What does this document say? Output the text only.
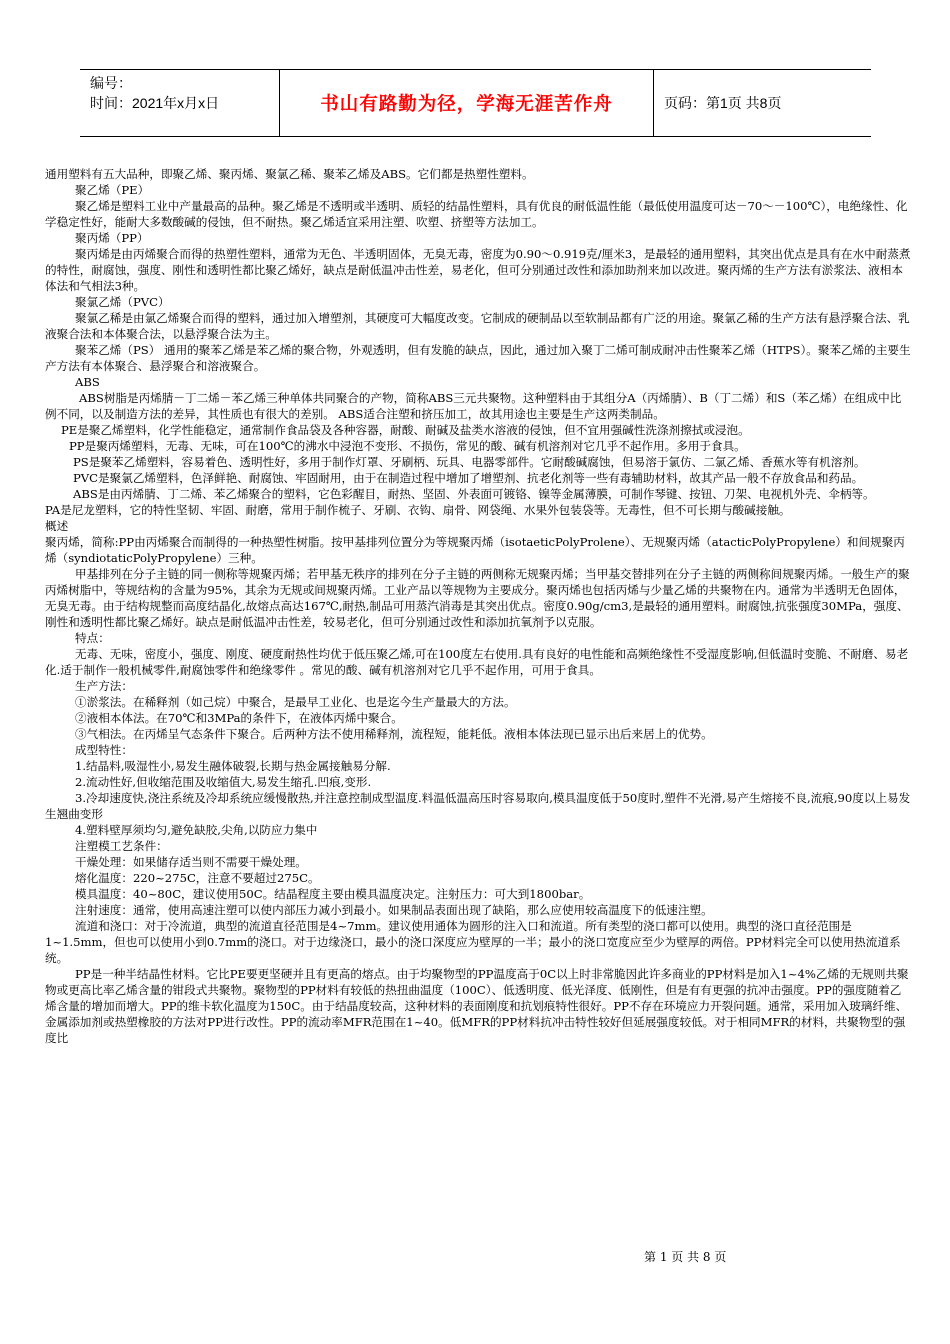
编号：
时间：2021年x月x日	书山有路勤为径，学海无涯苦作舟	页码：第1页 共8页

通用塑料有五大品种，即聚乙烯、聚丙烯、聚氯乙稀、聚苯乙烯及ABS。它们都是热塑性塑料。

聚乙烯（PE）

聚乙烯是塑料工业中产量最高的品种。聚乙烯是不透明或半透明、质轻的结晶性塑料，具有优良的耐低温性能（最低使用温度可达－70～－100℃），电绝缘性、化学稳定性好，能耐大多数酸碱的侵蚀，但不耐热。聚乙烯适宜采用注塑、吹塑、挤塑等方法加工。

聚丙烯（PP）

聚丙烯是由丙烯聚合而得的热塑性塑料，通常为无色、半透明固体，无臭无毒，密度为0.90～0.919克/厘米3，是最轻的通用塑料，其突出优点是具有在水中耐蒸煮的特性，耐腐蚀，强度、刚性和透明性都比聚乙烯好，缺点是耐低温冲击性差，易老化，但可分别通过改性和添加助剂来加以改进。聚丙烯的生产方法有淤浆法、液相本体法和气相法3种。

聚氯乙烯（PVC）

聚氯乙稀是由氯乙烯聚合而得的塑料，通过加入增塑剂，其硬度可大幅度改变。它制成的硬制品以至软制品都有广泛的用途。聚氯乙稀的生产方法有悬浮聚合法、乳液聚合法和本体聚合法，以悬浮聚合法为主。

聚苯乙烯（PS） 通用的聚苯乙烯是苯乙烯的聚合物，外观透明，但有发脆的缺点，因此，通过加入聚丁二烯可制成耐冲击性聚苯乙烯（HTPS）。聚苯乙烯的主要生产方法有本体聚合、悬浮聚合和溶液聚合。

ABS

ABS树脂是丙烯腈－丁二烯－苯乙烯三种单体共同聚合的产物，简称ABS三元共聚物。这种塑料由于其组分A（丙烯腈）、B（丁二烯）和S（苯乙烯）在组成中比例不同，以及制造方法的差异，其性质也有很大的差别。 ABS适合注塑和挤压加工，故其用途也主要是生产这两类制品。

PE是聚乙烯塑料，化学性能稳定，通常制作食品袋及各种容器，耐酸、耐碱及盐类水溶液的侵蚀，但不宜用强碱性洗涤剂擦拭或浸泡。

PP是聚丙烯塑料，无毒、无味，可在100℃的沸水中浸泡不变形、不损伤，常见的酸、碱有机溶剂对它几乎不起作用。多用于食具。

PS是聚苯乙烯塑料，容易着色、透明性好，多用于制作灯罩、牙刷柄、玩具、电器零部件。它耐酸碱腐蚀，但易溶于氯仿、二氯乙烯、香蕉水等有机溶剂。

PVC是聚氯乙烯塑料，色泽鲜艳、耐腐蚀、牢固耐用，由于在制造过程中增加了增塑剂、抗老化剂等一些有毒辅助材料，故其产品一般不存放食品和药品。

ABS是由丙烯腈、丁二烯、苯乙烯聚合的塑料，它色彩醒目，耐热、坚固、外表面可镀铬、镍等金属薄膜，可制作琴键、按钮、刀架、电视机外壳、伞柄等。

PA是尼龙塑料，它的特性坚韧、牢固、耐磨，常用于制作梳子、牙刷、衣钩、扇骨、网袋绳、水果外包装袋等。无毒性，但不可长期与酸碱接触。

概述

聚丙烯，简称:PP由丙烯聚合而制得的一种热塑性树脂。按甲基排列位置分为等规聚丙烯（isotaeticPolyProlene）、无规聚丙烯（atacticPolyPropylene）和间规聚丙烯（syndiotaticPolyPropylene）三种。

甲基排列在分子主链的同一侧称等规聚丙烯；若甲基无秩序的排列在分子主链的两侧称无规聚丙烯；当甲基交替排列在分子主链的两侧称间规聚丙烯。一般生产的聚丙烯树脂中，等规结构的含量为95%，其余为无规或间规聚丙烯。工业产品以等规物为主要成分。聚丙烯也包括丙烯与少量乙烯的共聚物在内。通常为半透明无色固体，无臭无毒。由于结构规整而高度结晶化,故熔点高达167℃,耐热,制品可用蒸汽消毒是其突出优点。密度0.90g/cm3,是最轻的通用塑料。耐腐蚀,抗张强度30MPa，强度、刚性和透明性都比聚乙烯好。缺点是耐低温冲击性差，较易老化，但可分别通过改性和添加抗氧剂予以克服。

特点：

无毒、无味，密度小，强度、刚度、硬度耐热性均优于低压聚乙烯,可在100度左右使用.具有良好的电性能和高频绝缘性不受湿度影响,但低温时变脆、不耐磨、易老化.适于制作一般机械零件,耐腐蚀零件和绝缘零件 。常见的酸、碱有机溶剂对它几乎不起作用，可用于食具。

生产方法：

①淤浆法。在稀释剂（如己烷）中聚合，是最早工业化、也是迄今生产量最大的方法。

②液相本体法。在70℃和3MPa的条件下，在液体丙烯中聚合。

③气相法。在丙烯呈气态条件下聚合。后两种方法不使用稀释剂，流程短，能耗低。液相本体法现已显示出后来居上的优势。

成型特性：

1.结晶料,吸湿性小,易发生融体破裂,长期与热金属接触易分解.

2.流动性好,但收缩范围及收缩值大,易发生缩孔.凹痕,变形.

3.冷却速度快,浇注系统及冷却系统应缓慢散热,并注意控制成型温度.料温低温高压时容易取向,模具温度低于50度时,塑件不光滑,易产生熔接不良,流痕,90度以上易发生翘曲变形

4.塑料壁厚须均匀,避免缺胶,尖角,以防应力集中

注塑模工艺条件：

干燥处理：如果储存适当则不需要干燥处理。

熔化温度：220~275C，注意不要超过275C。

模具温度：40~80C，建议使用50C。结晶程度主要由模具温度决定。注射压力：可大到1800bar。

注射速度：通常，使用高速注塑可以使内部压力减小到最小。如果制品表面出现了缺陷，那么应使用较高温度下的低速注塑。

流道和浇口：对于冷流道，典型的流道直径范围是4~7mm。建议使用通体为圆形的注入口和流道。所有类型的浇口都可以使用。典型的浇口直径范围是1~1.5mm，但也可以使用小到0.7mm的浇口。对于边缘浇口，最小的浇口深度应为壁厚的一半；最小的浇口宽度应至少为壁厚的两倍。PP材料完全可以使用热流道系统。

PP是一种半结晶性材料。它比PE要更坚硬并且有更高的熔点。由于均聚物型的PP温度高于0C以上时非常脆因此许多商业的PP材料是加入1~4%乙烯的无规则共聚物或更高比率乙烯含量的钳段式共聚物。聚物型的PP材料有较低的热扭曲温度（100C）、低透明度、低光泽度、低刚性，但是有有更强的抗冲击强度。PP的强度随着乙烯含量的增加而增大。PP的维卡软化温度为150C。由于结晶度较高，这种材料的表面刚度和抗划痕特性很好。PP不存在环境应力开裂问题。通常，采用加入玻璃纤维、金属添加剂或热塑橡胶的方法对PP进行改性。PP的流动率MFR范围在1~40。低MFR的PP材料抗冲击特性较好但延展强度较低。对于相同MFR的材料，共聚物型的强度比

第 1 页 共 8 页
